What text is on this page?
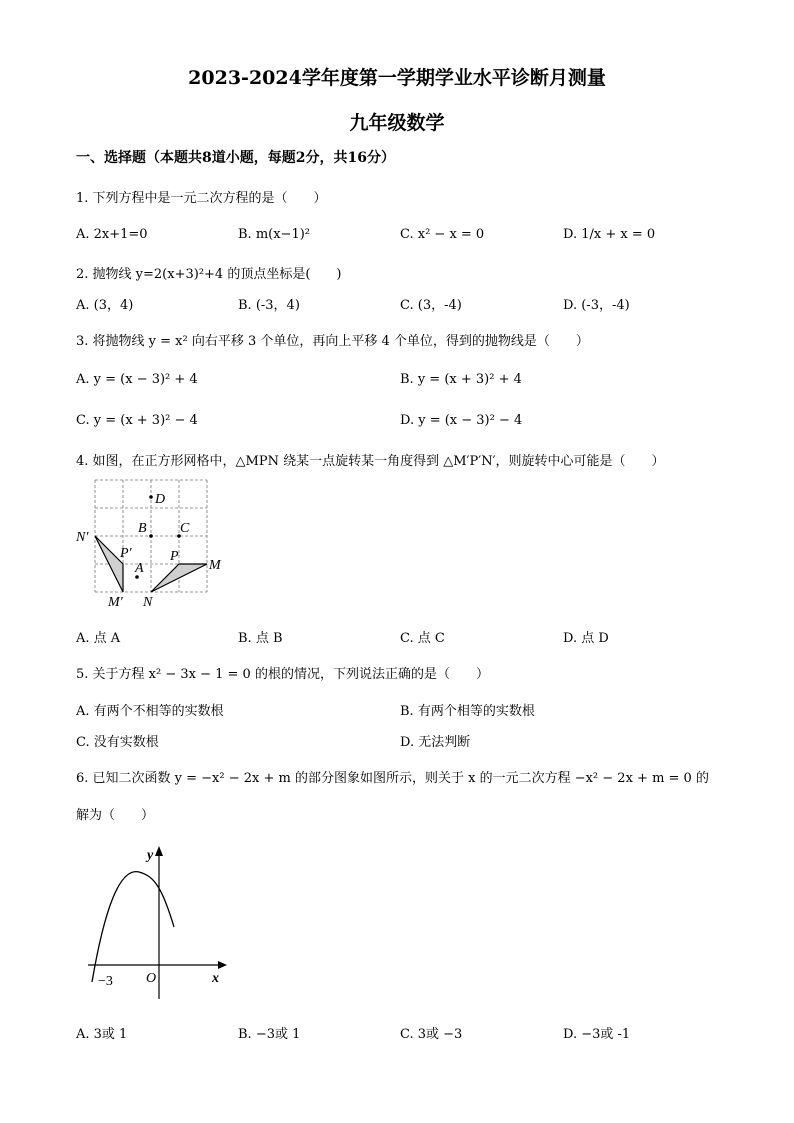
2023-2024学年度第一学期学业水平诊断月测量
九年级数学
一、选择题（本题共8道小题，每题2分，共16分）
1. 下列方程中是一元二次方程的是（　　）
A. 2x+1=0	B. m(x−1)²	C. x² − x = 0	D. 1/x + x = 0
2. 抛物线 y=2(x+3)²+4 的顶点坐标是(　　)
A. (3，4)	B. (-3，4)	C. (3，-4)	D. (-3，-4)
3. 将抛物线 y = x² 向右平移 3 个单位，再向上平移 4 个单位，得到的抛物线是（　　）
A. y = (x − 3)² + 4	B. y = (x + 3)² + 4
C. y = (x + 3)² − 4	D. y = (x − 3)² − 4
4. 如图，在正方形网格中，△MPN 绕某一点旋转某一角度得到 △M′P′N′，则旋转中心可能是（　　）
D
B C
N′
P′	P
A	M
M′ N
A. 点 A	B. 点 B	C. 点 C	D. 点 D
5. 关于方程 x² − 3x − 1 = 0 的根的情况，下列说法正确的是（　　）
A. 有两个不相等的实数根	B. 有两个相等的实数根
C. 没有实数根	D. 无法判断
6. 已知二次函数 y = −x² − 2x + m 的部分图象如图所示，则关于 x 的一元二次方程 −x² − 2x + m = 0 的
解为（　　）
y
x
O
−3
A. 3或 1	B. −3或 1	C. 3或 −3	D. −3或 -1
